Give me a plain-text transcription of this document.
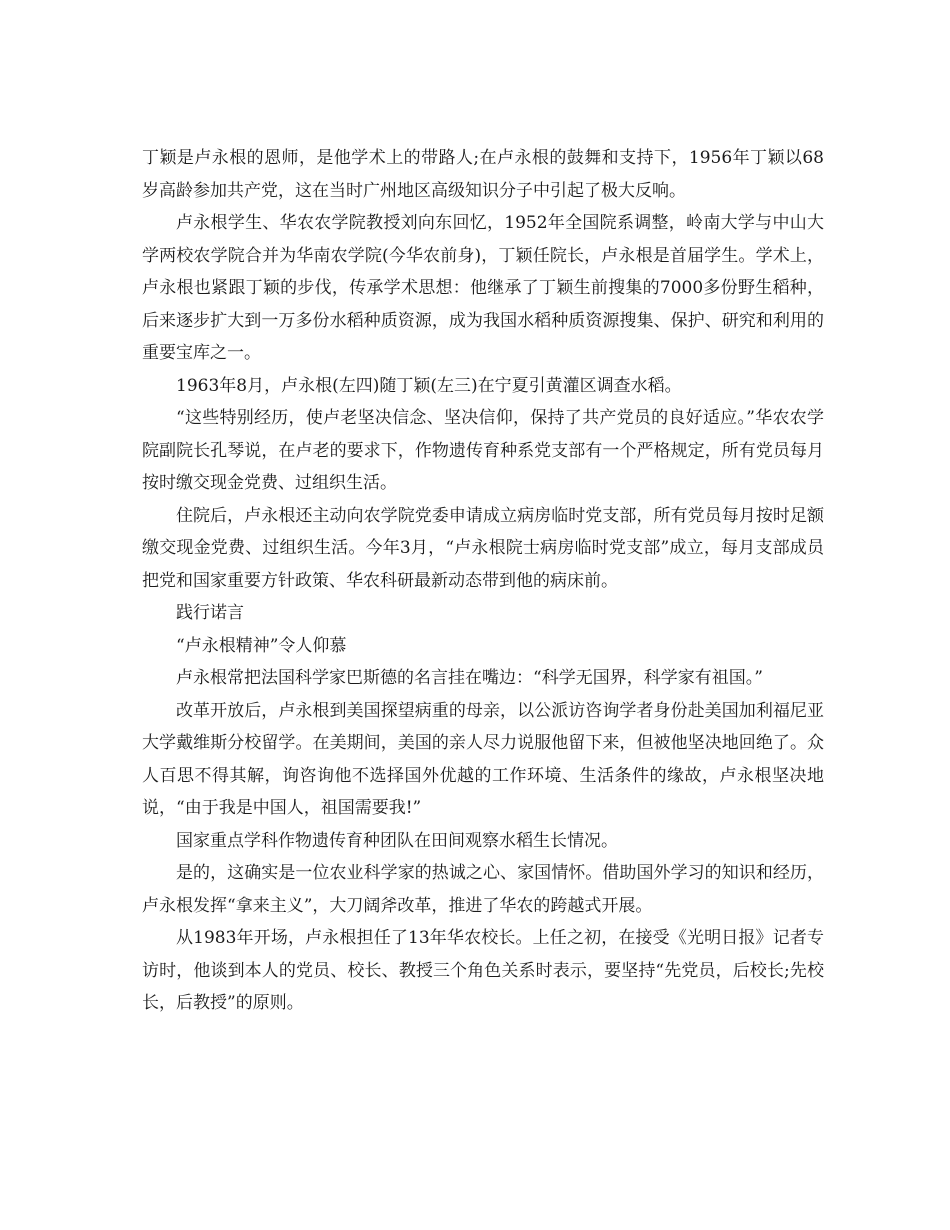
丁颖是卢永根的恩师，是他学术上的带路人;在卢永根的鼓舞和支持下，1956年丁颖以68岁高龄参加共产党，这在当时广州地区高级知识分子中引起了极大反响。

卢永根学生、华农农学院教授刘向东回忆，1952年全国院系调整，岭南大学与中山大学两校农学院合并为华南农学院(今华农前身)，丁颖任院长，卢永根是首届学生。学术上，卢永根也紧跟丁颖的步伐，传承学术思想：他继承了丁颖生前搜集的7000多份野生稻种，后来逐步扩大到一万多份水稻种质资源，成为我国水稻种质资源搜集、保护、研究和利用的重要宝库之一。

1963年8月，卢永根(左四)随丁颖(左三)在宁夏引黄灌区调查水稻。

“这些特别经历，使卢老坚决信念、坚决信仰，保持了共产党员的良好适应。”华农农学院副院长孔琴说，在卢老的要求下，作物遗传育种系党支部有一个严格规定，所有党员每月按时缴交现金党费、过组织生活。

住院后，卢永根还主动向农学院党委申请成立病房临时党支部，所有党员每月按时足额缴交现金党费、过组织生活。今年3月，“卢永根院士病房临时党支部”成立，每月支部成员把党和国家重要方针政策、华农科研最新动态带到他的病床前。

践行诺言

“卢永根精神”令人仰慕

卢永根常把法国科学家巴斯德的名言挂在嘴边：“科学无国界，科学家有祖国。”

改革开放后，卢永根到美国探望病重的母亲，以公派访咨询学者身份赴美国加利福尼亚大学戴维斯分校留学。在美期间，美国的亲人尽力说服他留下来，但被他坚决地回绝了。众人百思不得其解，询咨询他不选择国外优越的工作环境、生活条件的缘故，卢永根坚决地说，“由于我是中国人，祖国需要我!”

国家重点学科作物遗传育种团队在田间观察水稻生长情况。

是的，这确实是一位农业科学家的热诚之心、家国情怀。借助国外学习的知识和经历，卢永根发挥“拿来主义”，大刀阔斧改革，推进了华农的跨越式开展。

从1983年开场，卢永根担任了13年华农校长。上任之初，在接受《光明日报》记者专访时，他谈到本人的党员、校长、教授三个角色关系时表示，要坚持“先党员，后校长;先校长，后教授”的原则。
